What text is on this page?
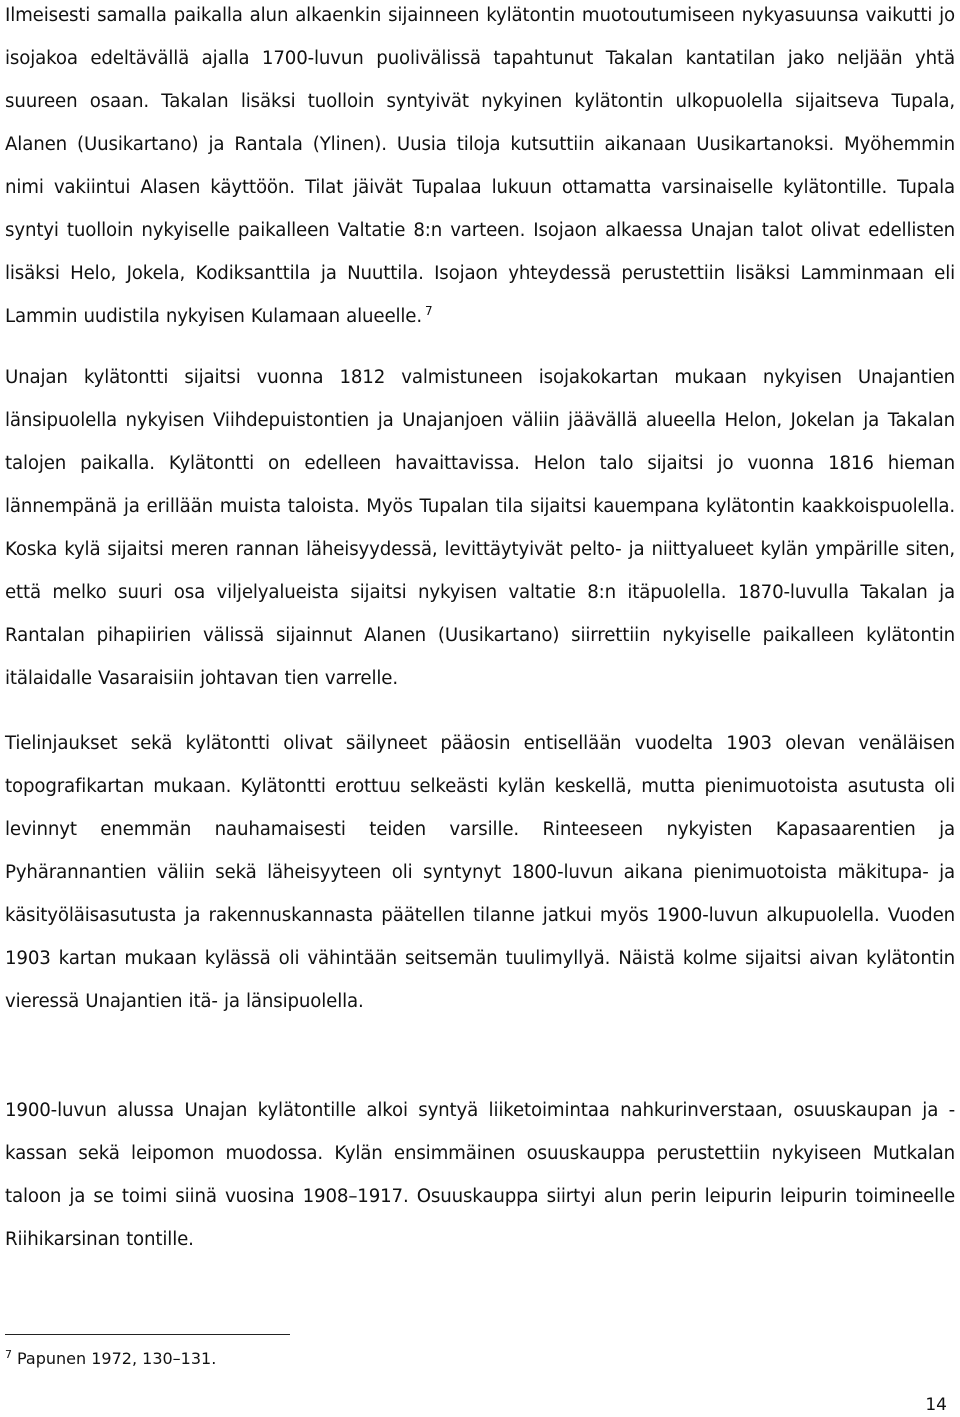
Ilmeisesti samalla paikalla alun alkaenkin sijainneen kylätontin muotoutumiseen nykyasuunsa vaikutti jo isojakoa edeltävällä ajalla 1700-luvun puolivälissä tapahtunut Takalan kantatilan jako neljään yhtä suureen osaan. Takalan lisäksi tuolloin syntyivät nykyinen kylätontin ulkopuolella sijaitseva Tupala, Alanen (Uusikartano) ja Rantala (Ylinen). Uusia tiloja kutsuttiin aikanaan Uusikartanoksi. Myöhemmin nimi vakiintui Alasen käyttöön. Tilat jäivät Tupalaa lukuun ottamatta varsinaiselle kylätontille. Tupala syntyi tuolloin nykyiselle paikalleen Valtatie 8:n varteen. Isojaon alkaessa Unajan talot olivat edellisten lisäksi Helo, Jokela, Kodiksanttila ja Nuuttila. Isojaon yhteydessä perustettiin lisäksi Lamminmaan eli Lammin uudistila nykyisen Kulamaan alueelle. $^7$

Unajan kylätontti sijaitsi vuonna 1812 valmistuneen isojakokartan mukaan nykyisen Unajantien länsipuolella nykyisen Viihdepuistontien ja Unajanjoen väliin jäävällä alueella Helon, Jokelan ja Takalan talojen paikalla. Kylätontti on edelleen havaittavissa. Helon talo sijaitsi jo vuonna 1816 hieman lännempänä ja erillään muista taloista. Myös Tupalan tila sijaitsi kauempana kylätontin kaakkoispuolella. Koska kylä sijaitsi meren rannan läheisyydessä, levittäytyivät pelto- ja niittyalueet kylän ympärille siten, että melko suuri osa viljelyalueista sijaitsi nykyisen valtatie 8:n itäpuolella. 1870-luvulla Takalan ja Rantalan pihapiirien välissä sijainnut Alanen (Uusikartano) siirrettiin nykyiselle paikalleen kylätontin itälaidalle Vasaraisiin johtavan tien varrelle.

Tielinjaukset sekä kylätontti olivat säilyneet pääosin entisellään vuodelta 1903 olevan venäläisen topografikartan mukaan. Kylätontti erottuu selkeästi kylän keskellä, mutta pienimuotoista asutusta oli levinnyt enemmän nauhamaisesti teiden varsille. Rinteeseen nykyisten Kapasaarentien ja Pyhärannantien väliin sekä läheisyyteen oli syntynyt 1800-luvun aikana pienimuotoista mäkitupa- ja käsityöläisasutusta ja rakennuskannasta päätellen tilanne jatkui myös 1900-luvun alkupuolella. Vuoden 1903 kartan mukaan kylässä oli vähintään seitsemän tuulimyllyä. Näistä kolme sijaitsi aivan kylätontin vieressä Unajantien itä- ja länsipuolella.

1900-luvun alussa Unajan kylätontille alkoi syntyä liiketoimintaa nahkurinverstaan, osuuskaupan ja -kassan sekä leipomon muodossa. Kylän ensimmäinen osuuskauppa perustettiin nykyiseen Mutkalan taloon ja se toimi siinä vuosina 1908–1917. Osuuskauppa siirtyi alun perin leipurin leipurin toimineelle Riihikarsinan tontille.

$^7$ Papunen 1972, 130–131.
14
